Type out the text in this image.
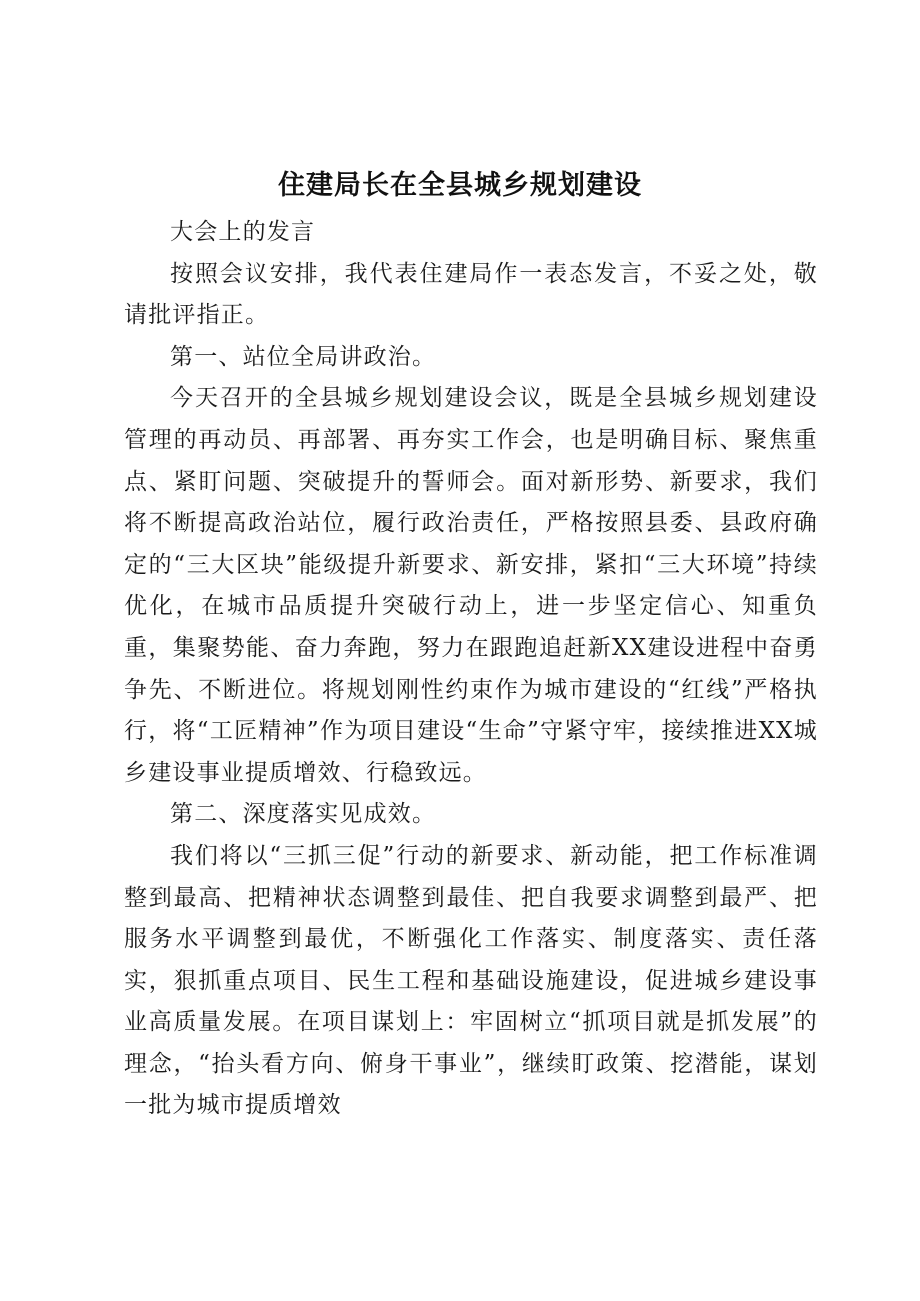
住建局长在全县城乡规划建设

大会上的发言

按照会议安排，我代表住建局作一表态发言，不妥之处，敬请批评指正。

第一、站位全局讲政治。

今天召开的全县城乡规划建设会议，既是全县城乡规划建设管理的再动员、再部署、再夯实工作会，也是明确目标、聚焦重点、紧盯问题、突破提升的誓师会。面对新形势、新要求，我们将不断提高政治站位，履行政治责任，严格按照县委、县政府确定的“三大区块”能级提升新要求、新安排，紧扣“三大环境”持续优化，在城市品质提升突破行动上，进一步坚定信心、知重负重，集聚势能、奋力奔跑，努力在跟跑追赶新XX建设进程中奋勇争先、不断进位。将规划刚性约束作为城市建设的“红线”严格执行，将“工匠精神”作为项目建设“生命”守紧守牢，接续推进XX城乡建设事业提质增效、行稳致远。

第二、深度落实见成效。

我们将以“三抓三促”行动的新要求、新动能，把工作标准调整到最高、把精神状态调整到最佳、把自我要求调整到最严、把服务水平调整到最优，不断强化工作落实、制度落实、责任落实，狠抓重点项目、民生工程和基础设施建设，促进城乡建设事业高质量发展。在项目谋划上：牢固树立“抓项目就是抓发展”的理念，“抬头看方向、俯身干事业”，继续盯政策、挖潜能，谋划一批为城市提质增效
